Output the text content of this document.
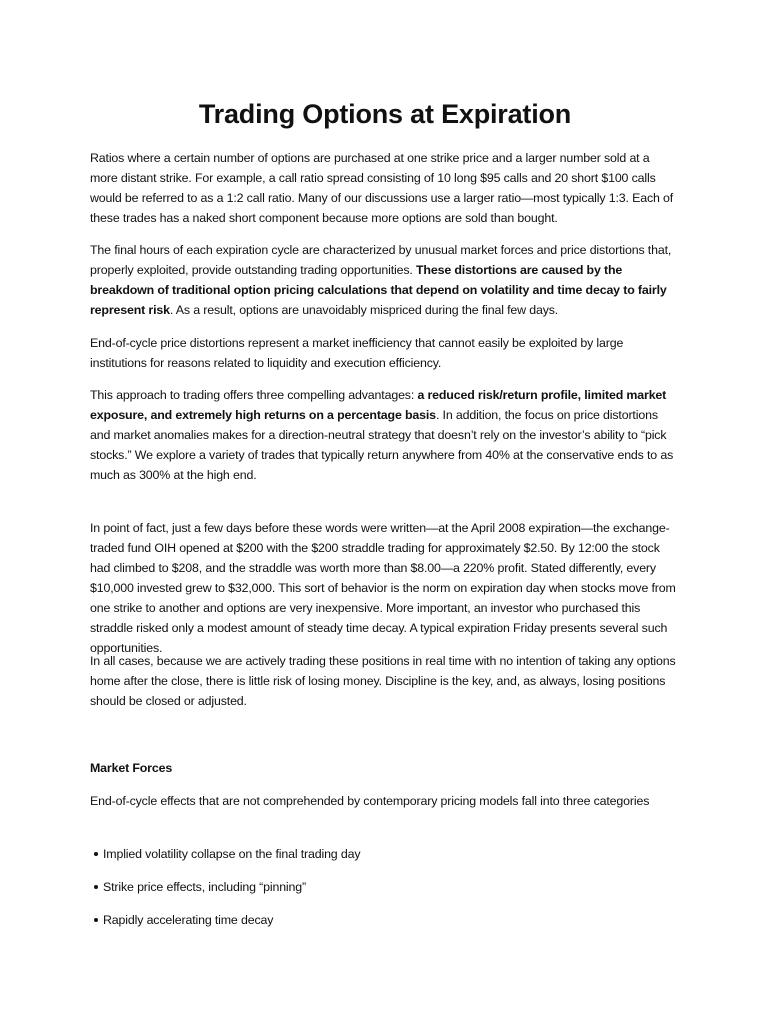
Trading Options at Expiration

Ratios where a certain number of options are purchased at one strike price and a larger number sold at a more distant strike. For example, a call ratio spread consisting of 10 long $95 calls and 20 short $100 calls would be referred to as a 1:2 call ratio. Many of our discussions use a larger ratio—most typically 1:3. Each of these trades has a naked short component because more options are sold than bought.

The final hours of each expiration cycle are characterized by unusual market forces and price distortions that, properly exploited, provide outstanding trading opportunities. These distortions are caused by the breakdown of traditional option pricing calculations that depend on volatility and time decay to fairly represent risk. As a result, options are unavoidably mispriced during the final few days.

End-of-cycle price distortions represent a market inefficiency that cannot easily be exploited by large institutions for reasons related to liquidity and execution efficiency.

This approach to trading offers three compelling advantages: a reduced risk/return profile, limited market exposure, and extremely high returns on a percentage basis. In addition, the focus on price distortions and market anomalies makes for a direction-neutral strategy that doesn’t rely on the investor’s ability to “pick stocks.” We explore a variety of trades that typically return anywhere from 40% at the conservative ends to as much as 300% at the high end.

In point of fact, just a few days before these words were written—at the April 2008 expiration—the exchange-traded fund OIH opened at $200 with the $200 straddle trading for approximately $2.50. By 12:00 the stock had climbed to $208, and the straddle was worth more than $8.00—a 220% profit. Stated differently, every $10,000 invested grew to $32,000. This sort of behavior is the norm on expiration day when stocks move from one strike to another and options are very inexpensive. More important, an investor who purchased this straddle risked only a modest amount of steady time decay. A typical expiration Friday presents several such opportunities.

In all cases, because we are actively trading these positions in real time with no intention of taking any options home after the close, there is little risk of losing money. Discipline is the key, and, as always, losing positions should be closed or adjusted.

Market Forces

End-of-cycle effects that are not comprehended by contemporary pricing models fall into three categories

Implied volatility collapse on the final trading day

Strike price effects, including “pinning”

Rapidly accelerating time decay
